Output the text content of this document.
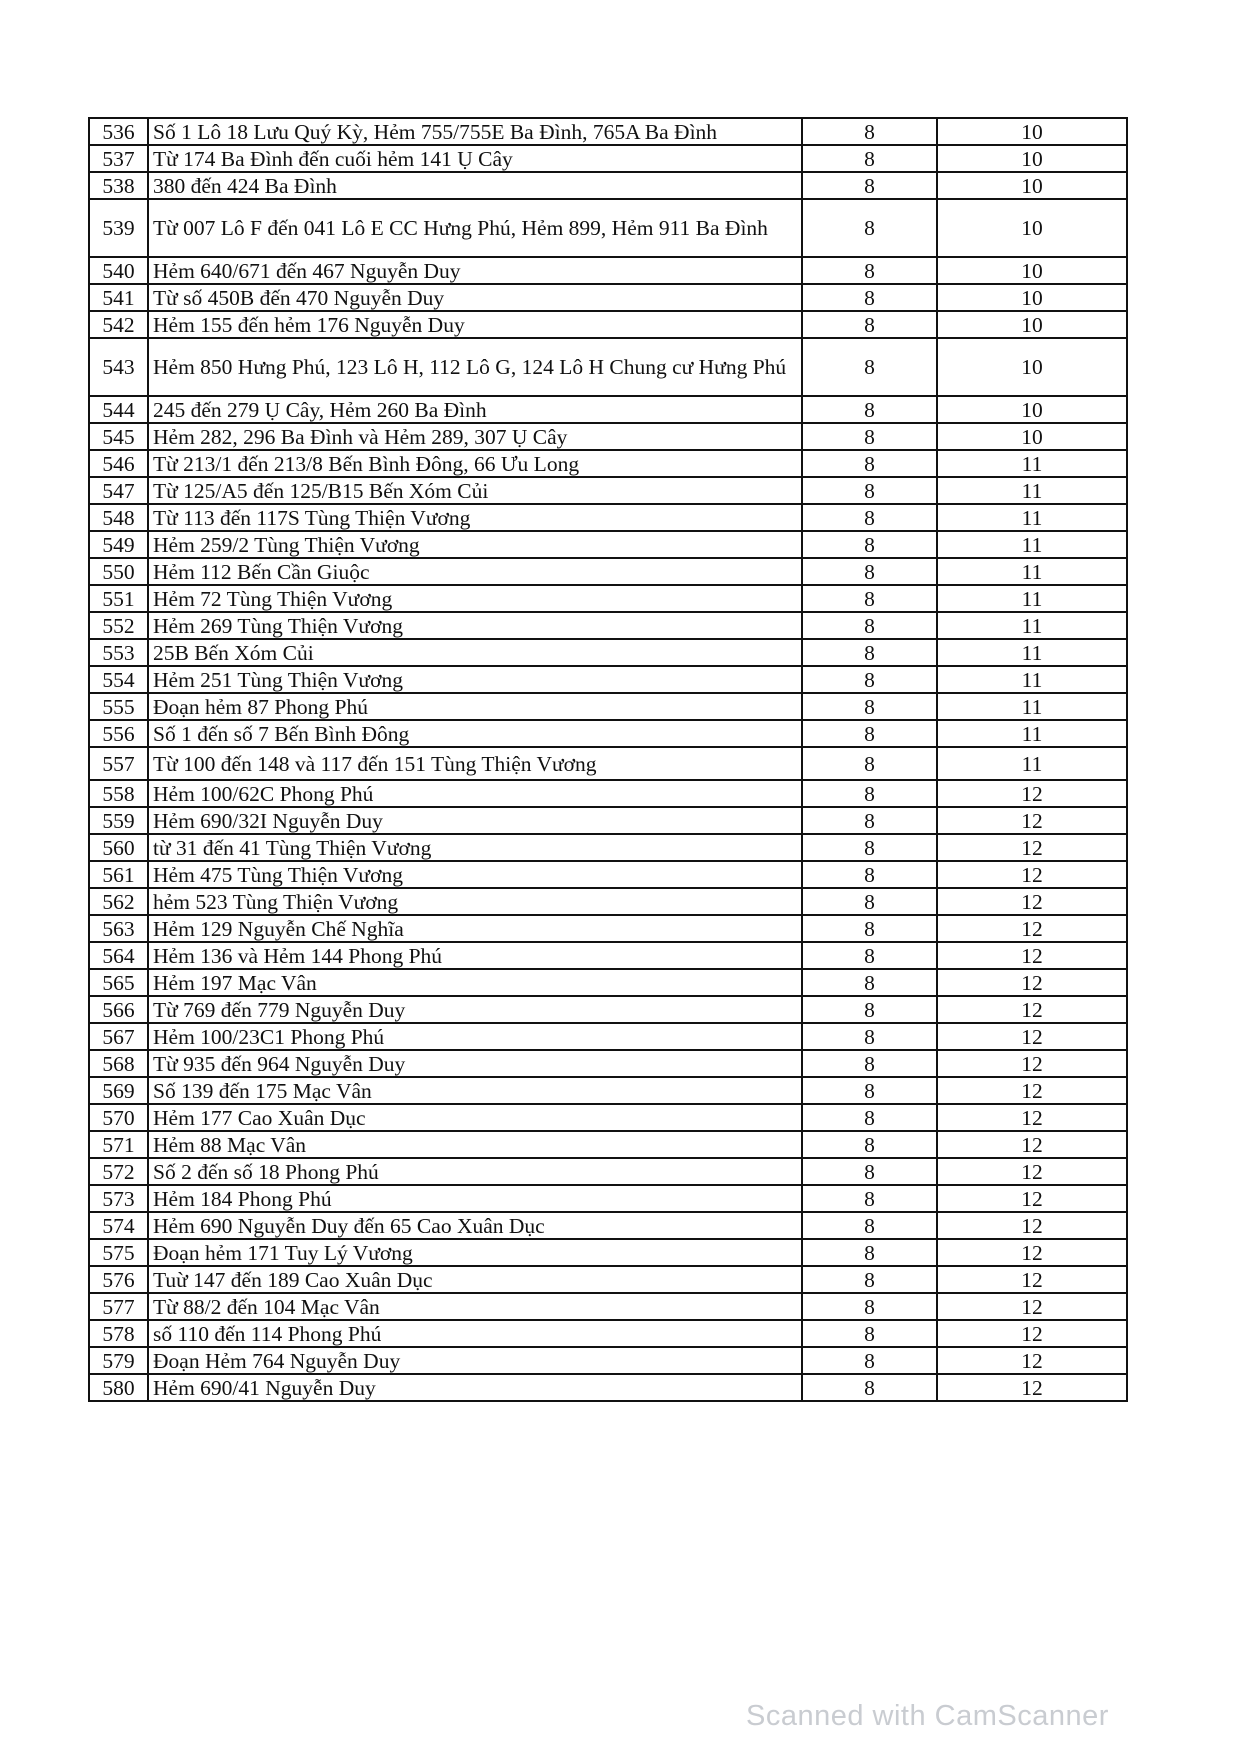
536	Số 1 Lô 18 Lưu Quý Kỳ, Hẻm 755/755E Ba Đình, 765A Ba Đình	8	10
537	Từ 174 Ba Đình đến cuối hẻm 141 Ụ Cây	8	10
538	380 đến 424 Ba Đình	8	10
539	Từ 007 Lô F đến 041 Lô E CC Hưng Phú, Hẻm 899, Hẻm 911 Ba Đình	8	10
540	Hẻm 640/671 đến 467 Nguyễn Duy	8	10
541	Từ số 450B đến 470 Nguyễn Duy	8	10
542	Hẻm 155 đến hẻm 176 Nguyễn Duy	8	10
543	Hẻm 850 Hưng Phú, 123 Lô H, 112 Lô G, 124 Lô H Chung cư Hưng Phú	8	10
544	245 đến 279 Ụ Cây, Hẻm 260 Ba Đình	8	10
545	Hẻm 282, 296 Ba Đình và Hẻm 289, 307 Ụ Cây	8	10
546	Từ 213/1 đến 213/8 Bến Bình Đông, 66 Ưu Long	8	11
547	Từ 125/A5 đến 125/B15 Bến Xóm Củi	8	11
548	Từ 113 đến 117S Tùng Thiện Vương	8	11
549	Hẻm 259/2 Tùng Thiện Vương	8	11
550	Hẻm 112 Bến Cần Giuộc	8	11
551	Hẻm 72 Tùng Thiện Vương	8	11
552	Hẻm 269 Tùng Thiện Vương	8	11
553	25B Bến Xóm Củi	8	11
554	Hẻm 251 Tùng Thiện Vương	8	11
555	Đoạn hẻm 87 Phong Phú	8	11
556	Số 1 đến số 7 Bến Bình Đông	8	11
557	Từ 100 đến 148 và 117 đến 151 Tùng Thiện Vương	8	11
558	Hẻm 100/62C Phong Phú	8	12
559	Hẻm 690/32I Nguyễn Duy	8	12
560	từ 31 đến 41 Tùng Thiện Vương	8	12
561	Hẻm 475 Tùng Thiện Vương	8	12
562	hẻm 523 Tùng Thiện Vương	8	12
563	Hẻm 129 Nguyễn Chế Nghĩa	8	12
564	Hẻm 136 và Hẻm 144 Phong Phú	8	12
565	Hẻm 197 Mạc Vân	8	12
566	Từ 769 đến 779 Nguyễn Duy	8	12
567	Hẻm 100/23C1 Phong Phú	8	12
568	Từ 935 đến 964 Nguyễn Duy	8	12
569	Số 139 đến 175 Mạc Vân	8	12
570	Hẻm 177 Cao Xuân Dục	8	12
571	Hẻm 88 Mạc Vân	8	12
572	Số 2 đến số 18 Phong Phú	8	12
573	Hẻm 184 Phong Phú	8	12
574	Hẻm 690 Nguyễn Duy đến 65 Cao Xuân Dục	8	12
575	Đoạn hẻm 171 Tuy Lý Vương	8	12
576	Tuừ 147 đến 189 Cao Xuân Dục	8	12
577	Từ 88/2 đến 104 Mạc Vân	8	12
578	số 110 đến 114 Phong Phú	8	12
579	Đoạn Hẻm 764 Nguyễn Duy	8	12
580	Hẻm 690/41 Nguyễn Duy	8	12
Scanned with CamScanner
